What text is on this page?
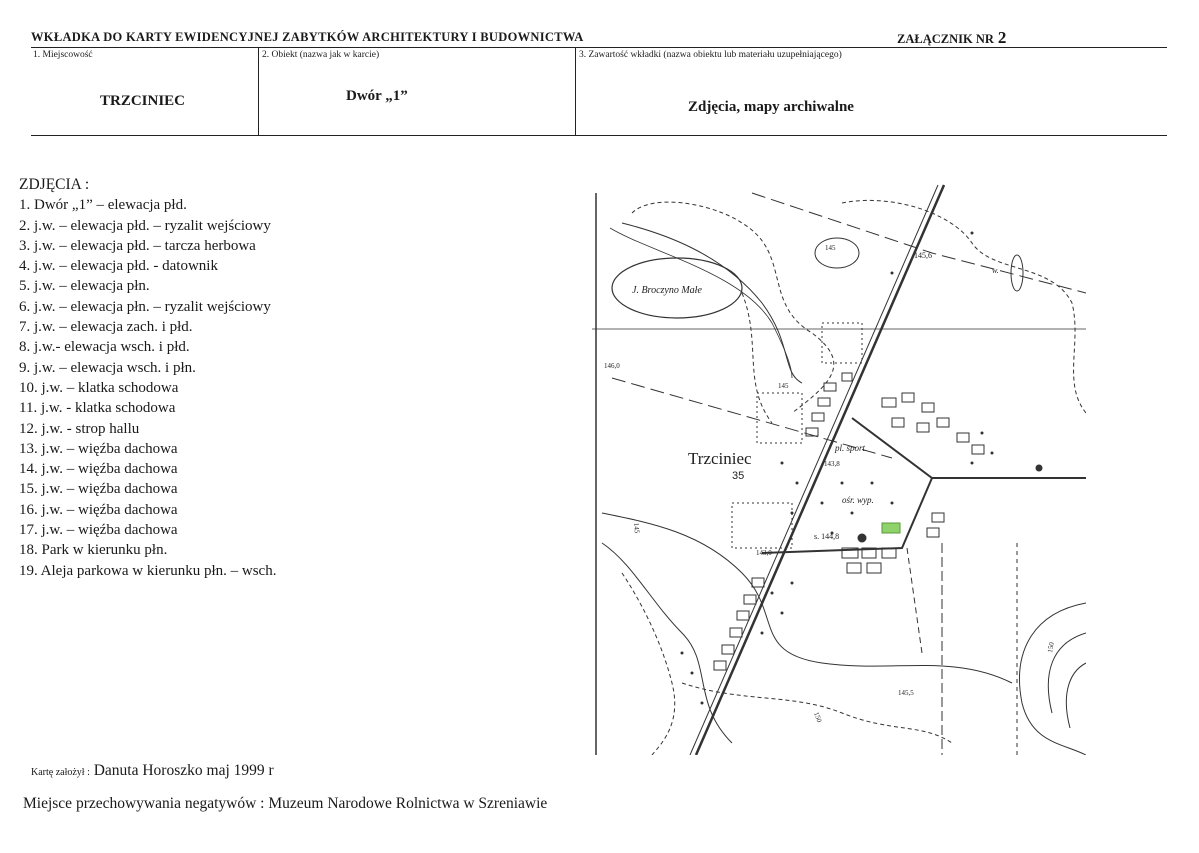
WKŁADKA DO KARTY EWIDENCYJNEJ ZABYTKÓW ARCHITEKTURY I BUDOWNICTWA	ZAŁĄCZNIK NR 2
1. Miejscowość
TRZCINIEC
2. Obiekt (nazwa jak w karcie)
Dwór „1”
3. Zawartość wkładki (nazwa obiektu lub materiału uzupełniającego)
Zdjęcia, mapy archiwalne
ZDJĘCIA :
1. Dwór „1” – elewacja płd.
2. j.w. – elewacja płd. – ryzalit wejściowy
3. j.w. – elewacja płd. – tarcza herbowa
4. j.w. – elewacja płd. - datownik
5. j.w. – elewacja płn.
6. j.w. – elewacja płn. – ryzalit wejściowy
7. j.w. – elewacja zach. i płd.
8. j.w.- elewacja wsch. i płd.
9. j.w. – elewacja wsch. i płn.
10. j.w. – klatka schodowa
11. j.w. - klatka schodowa
12. j.w. - strop hallu
13. j.w. – więźba dachowa
14. j.w. – więźba dachowa
15. j.w. – więźba dachowa
16. j.w. – więźba dachowa
17. j.w. – więźba dachowa
18. Park w kierunku płn.
19. Aleja parkowa w kierunku płn. – wsch.
Trzciniec
35
J. Broczyno Małe
145
145,6
146,0
145
pl. sport.
143,8
ośr. wyp.
s. 144,8
143,0
145
150
145,5
150
w.
Kartę założył : Danuta Horoszko maj 1999 r
Miejsce przechowywania negatywów : Muzeum Narodowe Rolnictwa w Szreniawie
